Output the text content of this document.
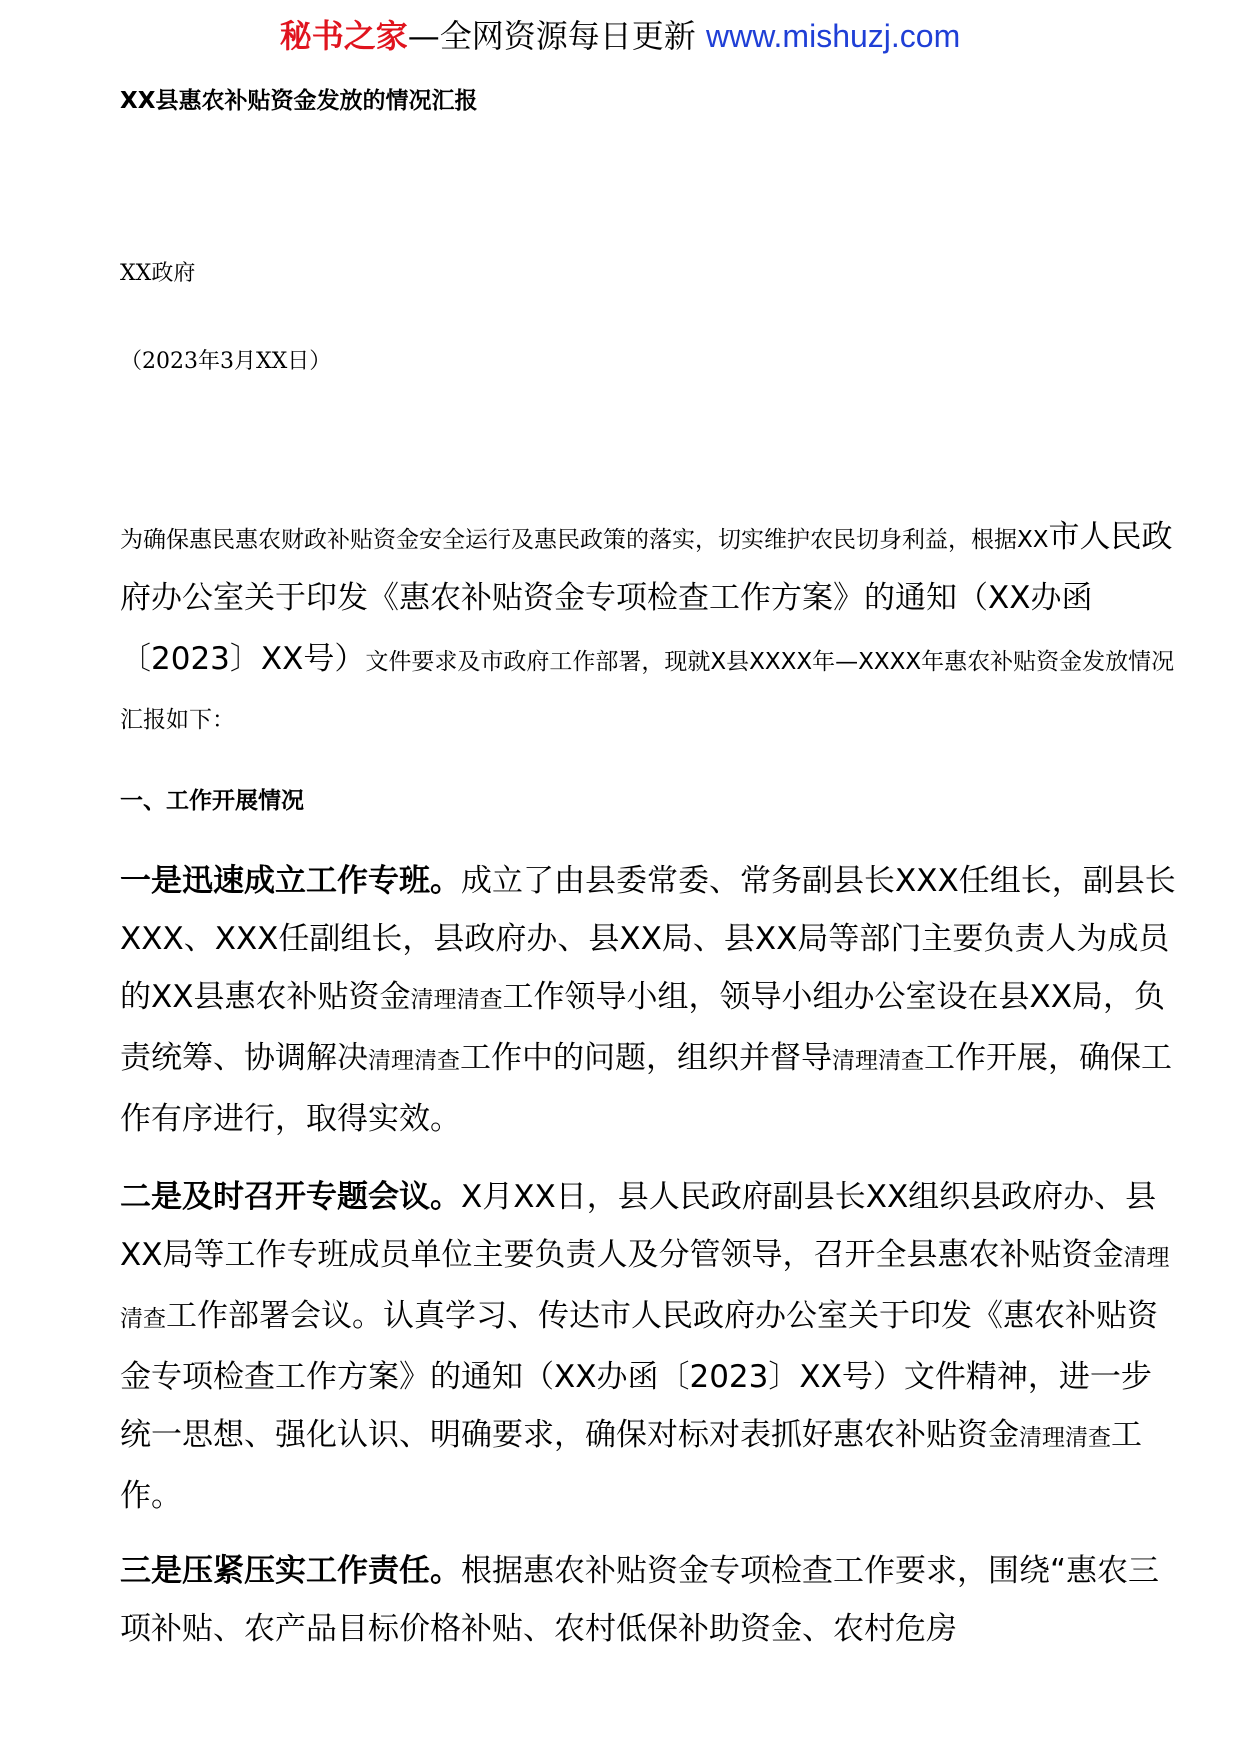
秘书之家—全网资源每日更新 www.mishuzj.com
XX县惠农补贴资金发放的情况汇报
XX政府
（2023年3月XX日）

为确保惠民惠农财政补贴资金安全运行及惠民政策的落实，切实维护农民切身利益，根据XX市人民政府办公室关于印发《惠农补贴资金专项检查工作方案》的通知（XX办函〔2023〕XX号）文件要求及市政府工作部署，现就X县XXXX年—XXXX年惠农补贴资金发放情况汇报如下：

一、工作开展情况

一是迅速成立工作专班。成立了由县委常委、常务副县长XXX任组长，副县长XXX、XXX任副组长，县政府办、县XX局、县XX局等部门主要负责人为成员的XX县惠农补贴资金清理清查工作领导小组，领导小组办公室设在县XX局，负责统筹、协调解决清理清查工作中的问题，组织并督导清理清查工作开展，确保工作有序进行，取得实效。

二是及时召开专题会议。X月XX日，县人民政府副县长XX组织县政府办、县XX局等工作专班成员单位主要负责人及分管领导，召开全县惠农补贴资金清理清查工作部署会议。认真学习、传达市人民政府办公室关于印发《惠农补贴资金专项检查工作方案》的通知（XX办函〔2023〕XX号）文件精神，进一步统一思想、强化认识、明确要求，确保对标对表抓好惠农补贴资金清理清查工作。

三是压紧压实工作责任。根据惠农补贴资金专项检查工作要求，围绕“惠农三项补贴、农产品目标价格补贴、农村低保补助资金、农村危房
